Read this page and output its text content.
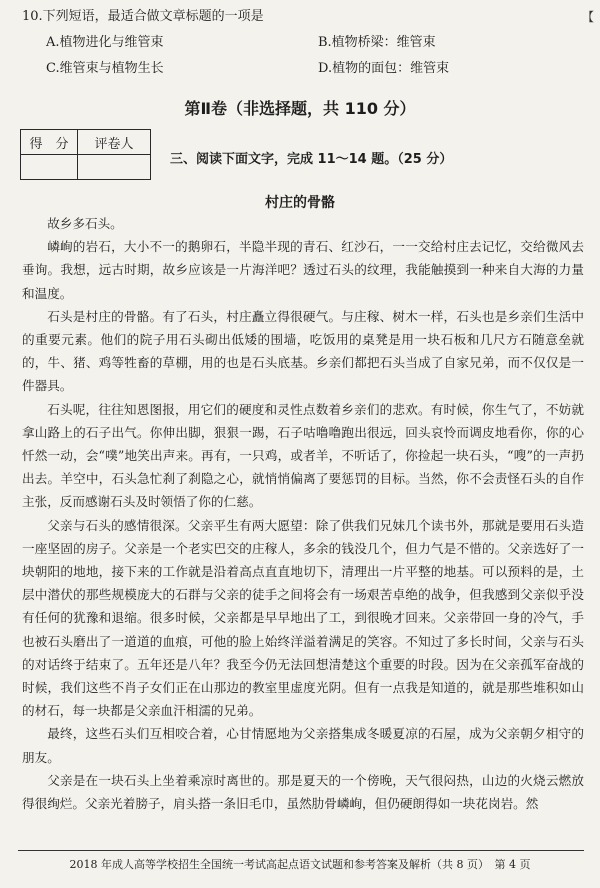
【
10.下列短语，最适合做文章标题的一项是
A.植物进化与维管束	B.植物桥梁：维管束
C.维管束与植物生长	D.植物的面包：维管束
第Ⅱ卷（非选择题，共 110 分）
得　分	评卷人

三、阅读下面文字，完成 11～14 题。（25 分）
村庄的骨骼

故乡多石头。

嶙峋的岩石，大小不一的鹅卵石，半隐半现的青石、红沙石，一一交给村庄去记忆，交给微风去垂询。我想，远古时期，故乡应该是一片海洋吧？透过石头的纹理，我能触摸到一种来自大海的力量和温度。

石头是村庄的骨骼。有了石头，村庄矗立得很硬气。与庄稼、树木一样，石头也是乡亲们生活中的重要元素。他们的院子用石头砌出低矮的围墙，吃饭用的桌凳是用一块石板和几尺方石随意垒就的，牛、猪、鸡等牲畜的草棚，用的也是石头底基。乡亲们都把石头当成了自家兄弟，而不仅仅是一件器具。

石头呢，往往知恩图报，用它们的硬度和灵性点数着乡亲们的悲欢。有时候，你生气了，不妨就拿山路上的石子出气。你伸出脚，狠狠一踢，石子咕噜噜跑出很远，回头哀怜而调皮地看你，你的心忏然一动，会“噗”地笑出声来。再有，一只鸡，或者羊，不听话了，你捡起一块石头，“嗖”的一声扔出去。羊空中，石头急忙刹了刹隐之心，就悄悄偏离了要惩罚的目标。当然，你不会责怪石头的自作主张，反而感谢石头及时领悟了你的仁慈。

父亲与石头的感情很深。父亲平生有两大愿望：除了供我们兄妹几个读书外，那就是要用石头造一座坚固的房子。父亲是一个老实巴交的庄稼人，多余的钱没几个，但力气是不惜的。父亲选好了一块朝阳的地地，接下来的工作就是沿着高点直直地切下，清理出一片平整的地基。可以预料的是，土层中潜伏的那些规模庞大的石群与父亲的徒手之间将会有一场艰苦卓绝的战争，但我感到父亲似乎没有任何的犹豫和退缩。很多时候，父亲都是早早地出了工，到很晚才回来。父亲带回一身的冷气，手也被石头磨出了一道道的血痕，可他的脸上始终洋溢着满足的笑容。不知过了多长时间，父亲与石头的对话终于结束了。五年还是八年？我至今仍无法回想清楚这个重要的时段。因为在父亲孤军奋战的时候，我们这些不肖子女们正在山那边的教室里虚度光阴。但有一点我是知道的，就是那些堆积如山的材石，每一块都是父亲血汗相濡的兄弟。

最终，这些石头们互相咬合着，心甘情愿地为父亲搭集成冬暖夏凉的石屋，成为父亲朝夕相守的朋友。

父亲是在一块石头上坐着乘凉时离世的。那是夏天的一个傍晚，天气很闷热，山边的火烧云燃放得很绚烂。父亲光着膀子，肩头搭一条旧毛巾，虽然肋骨嶙峋，但仍硬朗得如一块花岗岩。然

2018 年成人高等学校招生全国统一考试高起点语文试题和参考答案及解析（共 8 页）　第 4 页
